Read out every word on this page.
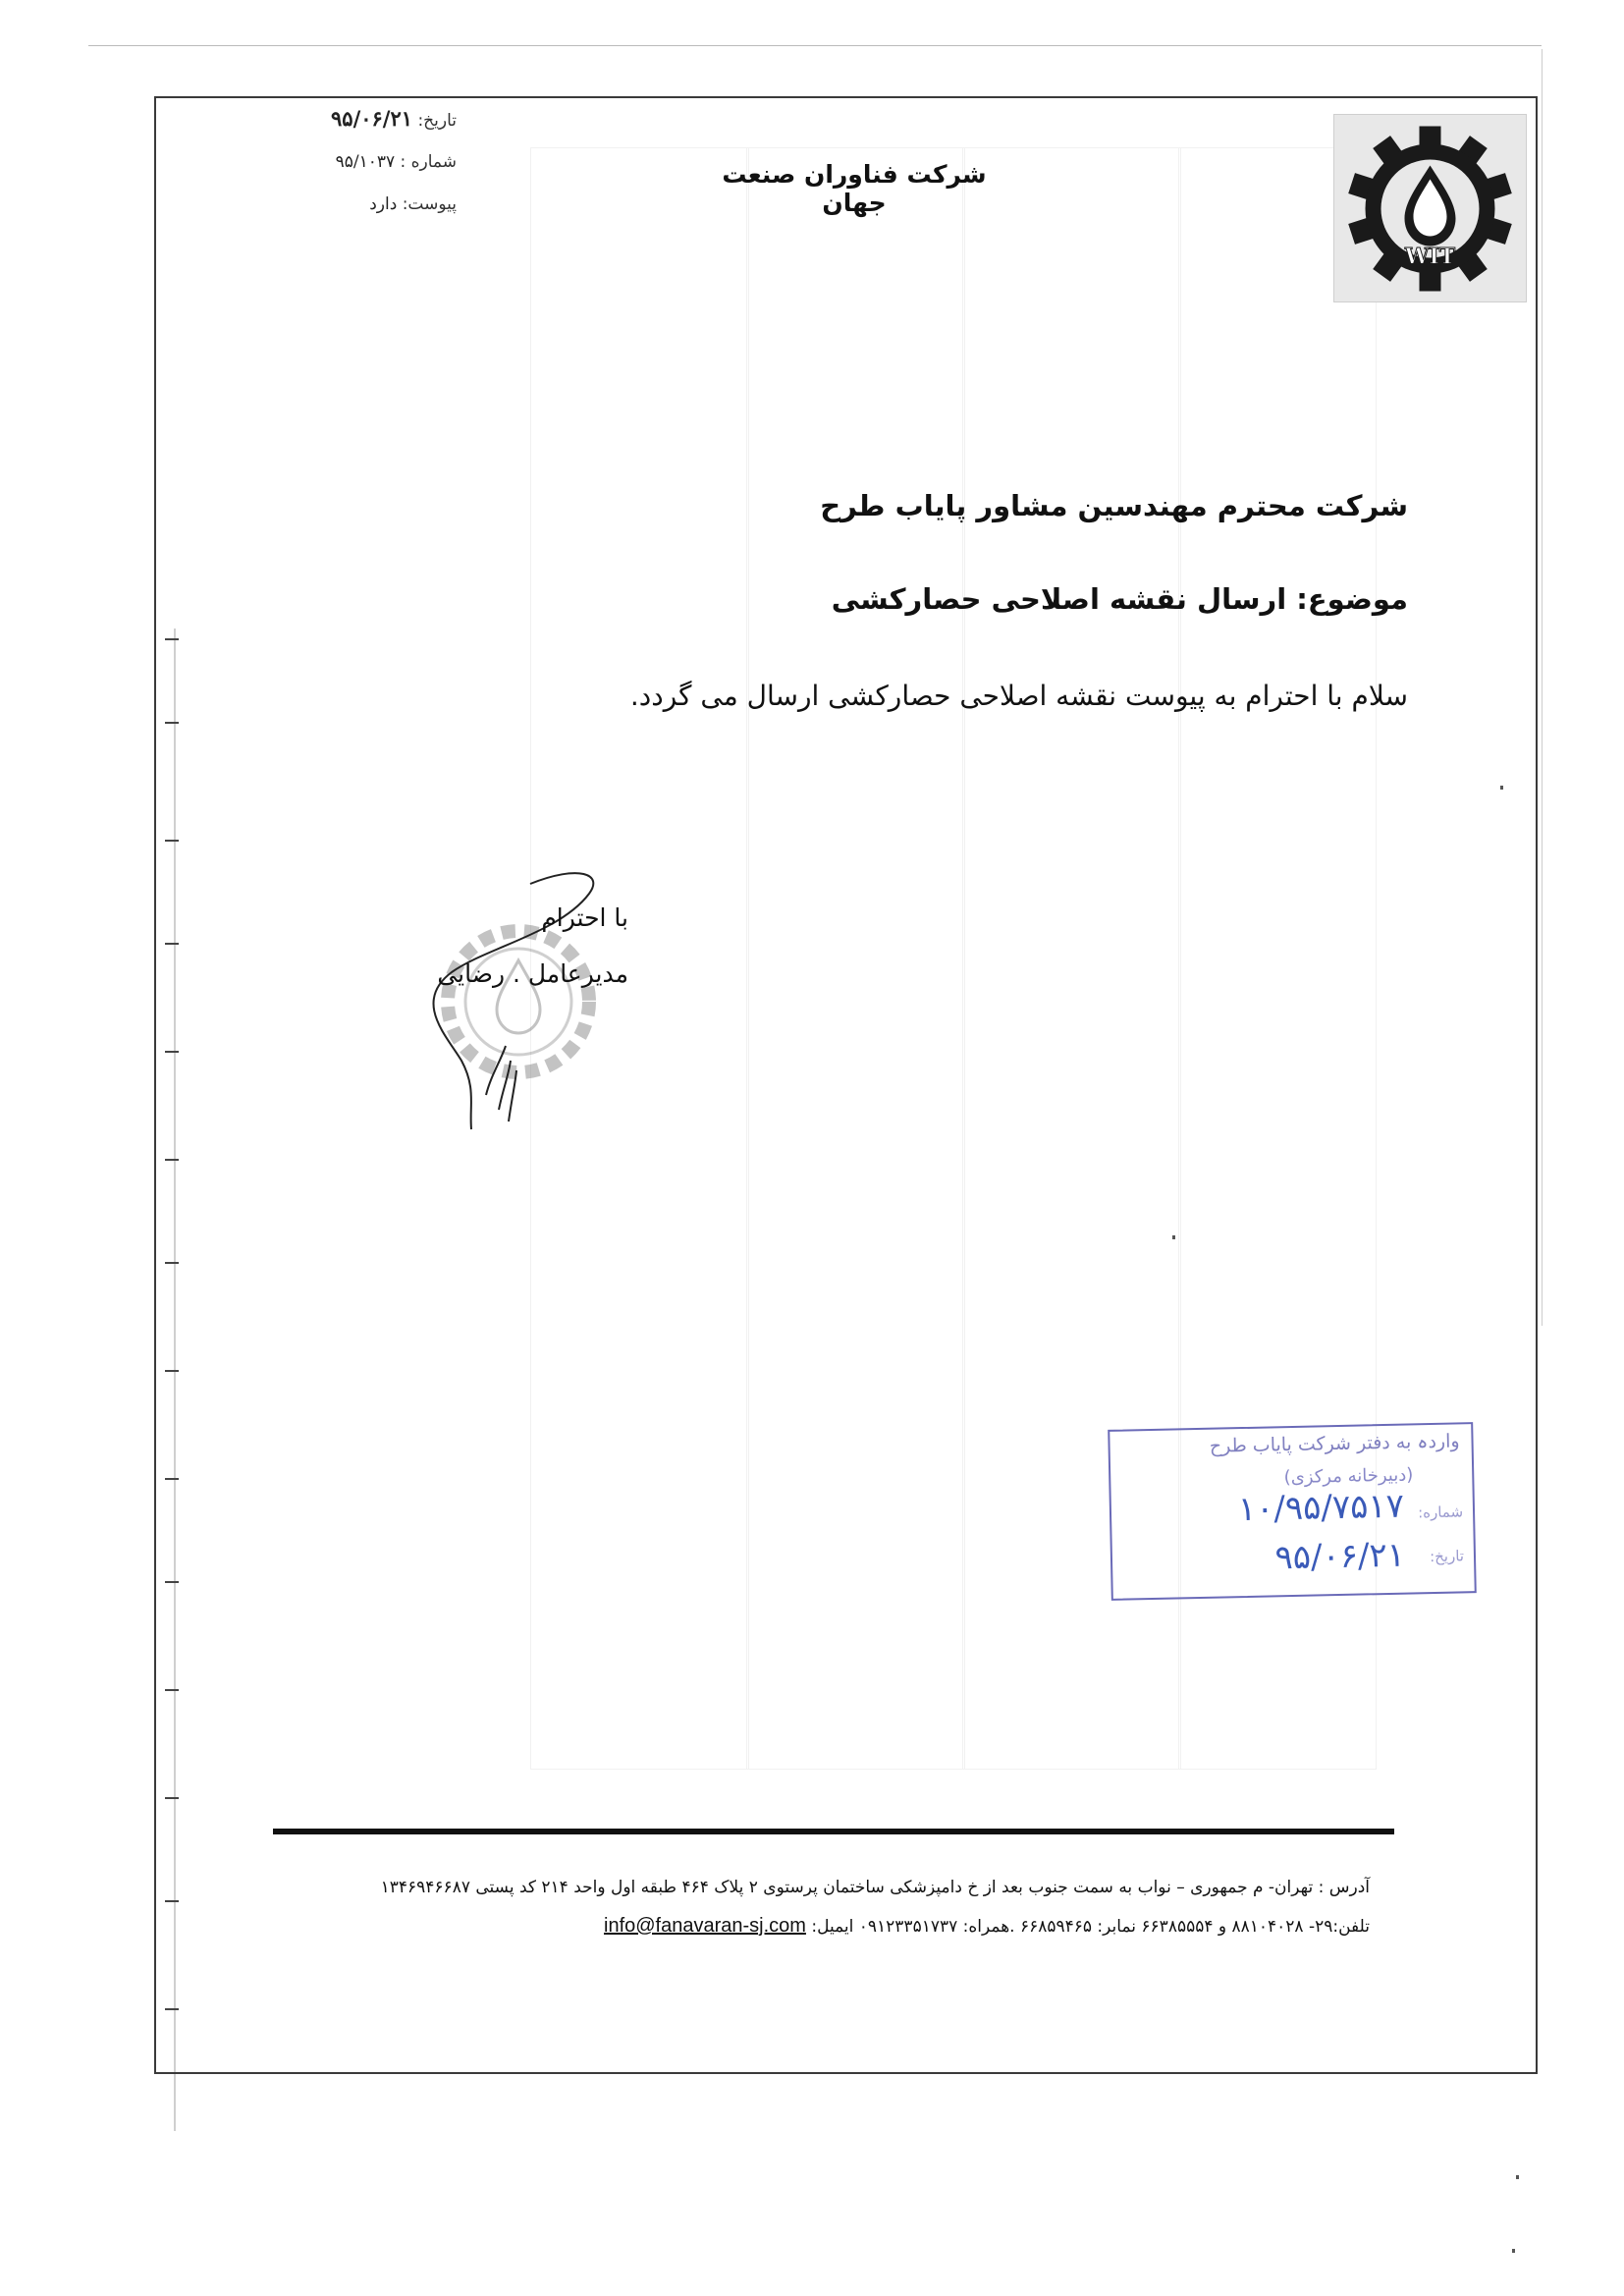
WIT
شرکت فناوران صنعت جهان
تاریخ: ۹۵/۰۶/۲۱
شماره : ۹۵/۱۰۳۷
پیوست: دارد
شرکت محترم مهندسین مشاور پایاب طرح
موضوع: ارسال نقشه اصلاحی حصارکشی
سلام با احترام به پیوست نقشه اصلاحی حصارکشی ارسال می گردد.
با احترام
مدیرعامل . رضایی
واردہ به دفتر شرکت پایاب طرح
(دبیرخانه مرکزی)
شماره:
تاریخ:
۱۰/۹۵/۷۵۱۷
۹۵/۰۶/۲۱
آدرس : تهران- م جمهوری – نواب به سمت جنوب بعد از خ دامپزشکی ساختمان پرستوی ۲ پلاک ۴۶۴ طبقه اول واحد ۲۱۴ کد پستی ۱۳۴۶۹۴۶۶۸۷
تلفن:۲۹- ۸۸۱۰۴۰۲۸ و ۶۶۳۸۵۵۵۴ نمابر: ۶۶۸۵۹۴۶۵ .همراه: ۰۹۱۲۳۳۵۱۷۳۷ ایمیل: info@fanavaran-sj.com
